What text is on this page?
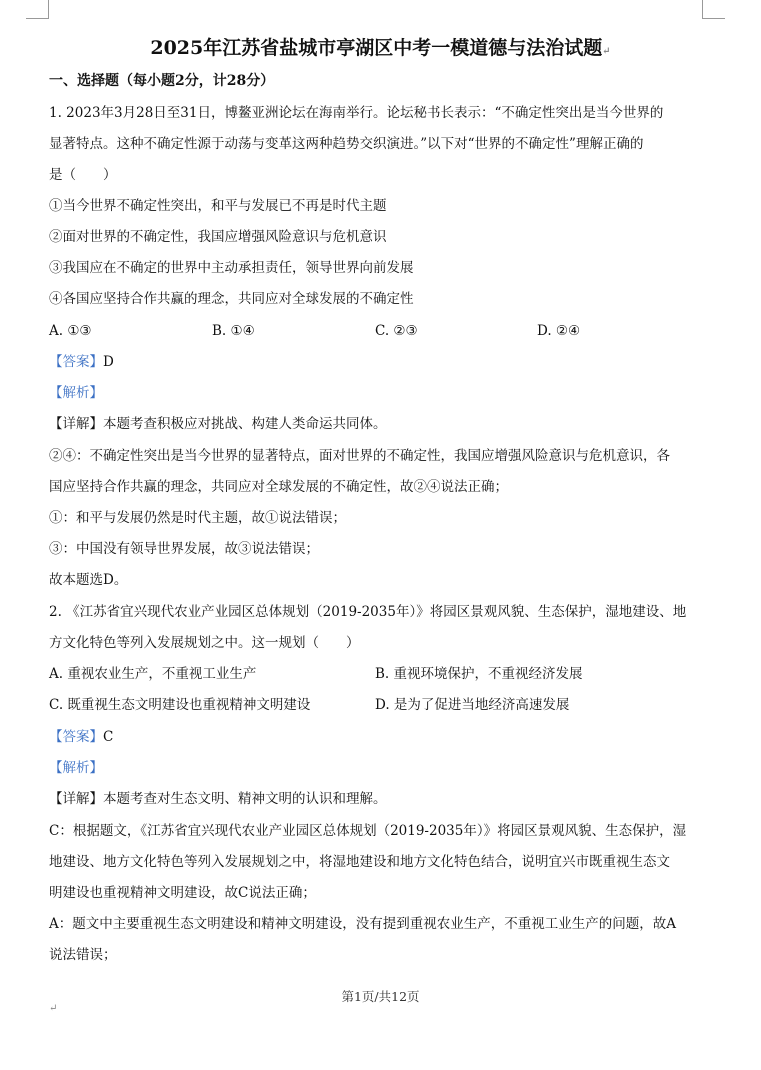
2025年江苏省盐城市亭湖区中考一模道德与法治试题↵
一、选择题（每小题2分，计28分）
1. 2023年3月28日至31日，博鳌亚洲论坛在海南举行。论坛秘书长表示：“不确定性突出是当今世界的
显著特点。这种不确定性源于动荡与变革这两种趋势交织演进。”以下对“世界的不确定性”理解正确的
是（　　）
①当今世界不确定性突出，和平与发展已不再是时代主题
②面对世界的不确定性，我国应增强风险意识与危机意识
③我国应在不确定的世界中主动承担责任，领导世界向前发展
④各国应坚持合作共赢的理念，共同应对全球发展的不确定性
A. ①③	B. ①④	C. ②③	D. ②④
【答案】D
【解析】
【详解】本题考查积极应对挑战、构建人类命运共同体。
②④：不确定性突出是当今世界的显著特点，面对世界的不确定性，我国应增强风险意识与危机意识，各
国应坚持合作共赢的理念，共同应对全球发展的不确定性，故②④说法正确；
①：和平与发展仍然是时代主题，故①说法错误；
③：中国没有领导世界发展，故③说法错误；
故本题选D。
2. 《江苏省宜兴现代农业产业园区总体规划（2019-2035年）》将园区景观风貌、生态保护，湿地建设、地
方文化特色等列入发展规划之中。这一规划（　　）
A. 重视农业生产，不重视工业生产	B. 重视环境保护，不重视经济发展
C. 既重视生态文明建设也重视精神文明建设	D. 是为了促进当地经济高速发展
【答案】C
【解析】
【详解】本题考查对生态文明、精神文明的认识和理解。
C：根据题文，《江苏省宜兴现代农业产业园区总体规划（2019-2035年）》将园区景观风貌、生态保护，湿
地建设、地方文化特色等列入发展规划之中，将湿地建设和地方文化特色结合，说明宜兴市既重视生态文
明建设也重视精神文明建设，故C说法正确；
A：题文中主要重视生态文明建设和精神文明建设，没有提到重视农业生产，不重视工业生产的问题，故A
说法错误；
第1页/共12页
↵
